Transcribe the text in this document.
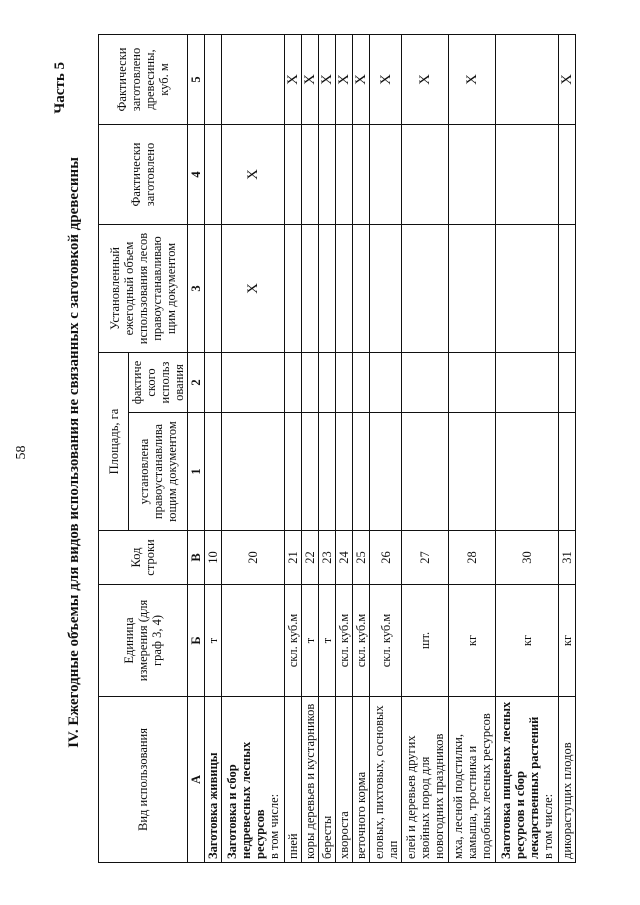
58
Часть 5
IV. Ежегодные объемы для видов использования не связанных с заготовкой древесины
Вид использования	Единица измерения (для граф 3, 4)	Код строки	Площадь, га		Установленный ежегодный объем использования лесов правоустанавливаю щим документом	Фактически заготовлено	Фактически заготовлено древесины, куб. м
			установлена правоустанавлива ющим документом	фактиче ского использ ования			
А	Б	В	1	2	3	4	5

Заготовка живицы	т	10					

Заготовка и сбор недревесных лесных ресурсов в том числе:		20			X	X	

пней	скл. куб.м	21					X

коры деревьев и кустарников	т	22					X

бересты	т	23					X

хвороста	скл. куб.м	24					X

веточного корма	скл. куб.м	25					X

еловых, пихтовых, сосновых лап	скл. куб.м	26					X

елей и деревьев других хвойных пород для новогодних праздников	шт.	27					X

мха, лесной подстилки, камыша, тростника и подобных лесных ресурсов	кг	28					X

Заготовка пищевых лесных ресурсов и сбор лекарственных растений в том числе:	кг	30					

дикорастущих плодов	кг	31					X
